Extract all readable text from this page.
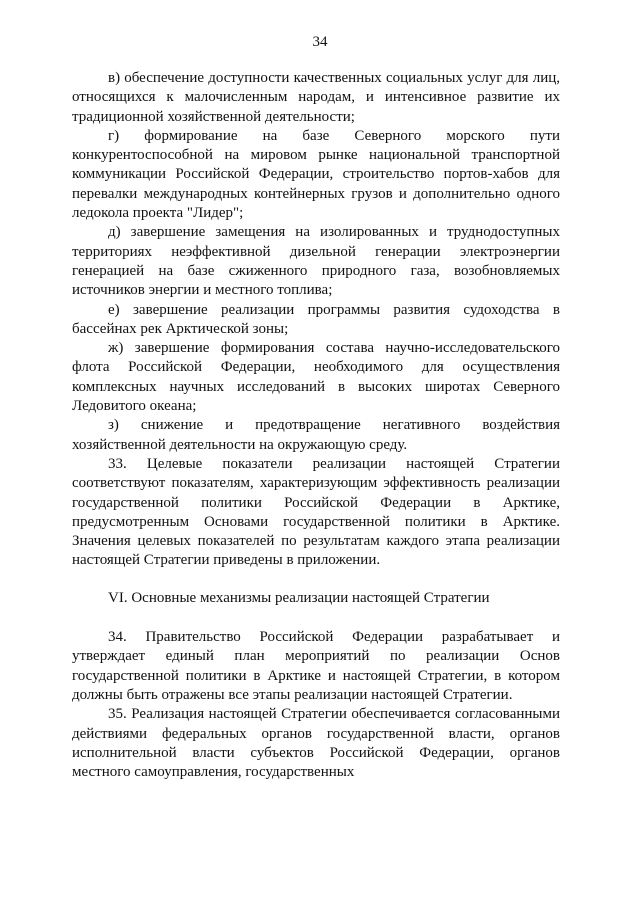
34

в) обеспечение доступности качественных социальных услуг для лиц, относящихся к малочисленным народам, и интенсивное развитие их традиционной хозяйственной деятельности;

г) формирование на базе Северного морского пути конкурентоспособной на мировом рынке национальной транспортной коммуникации Российской Федерации, строительство портов-хабов для перевалки международных контейнерных грузов и дополнительно одного ледокола проекта "Лидер";

д) завершение замещения на изолированных и труднодоступных территориях неэффективной дизельной генерации электроэнергии генерацией на базе сжиженного природного газа, возобновляемых источников энергии и местного топлива;

е) завершение реализации программы развития судоходства в бассейнах рек Арктической зоны;

ж) завершение формирования состава научно-исследовательского флота Российской Федерации, необходимого для осуществления комплексных научных исследований в высоких широтах Северного Ледовитого океана;

з) снижение и предотвращение негативного воздействия хозяйственной деятельности на окружающую среду.

33. Целевые показатели реализации настоящей Стратегии соответствуют показателям, характеризующим эффективность реализации государственной политики Российской Федерации в Арктике, предусмотренным Основами государственной политики в Арктике. Значения целевых показателей по результатам каждого этапа реализации настоящей Стратегии приведены в приложении.

VI. Основные механизмы реализации настоящей Стратегии

34. Правительство Российской Федерации разрабатывает и утверждает единый план мероприятий по реализации Основ государственной политики в Арктике и настоящей Стратегии, в котором должны быть отражены все этапы реализации настоящей Стратегии.

35. Реализация настоящей Стратегии обеспечивается согласованными действиями федеральных органов государственной власти, органов исполнительной власти субъектов Российской Федерации, органов местного самоуправления, государственных
